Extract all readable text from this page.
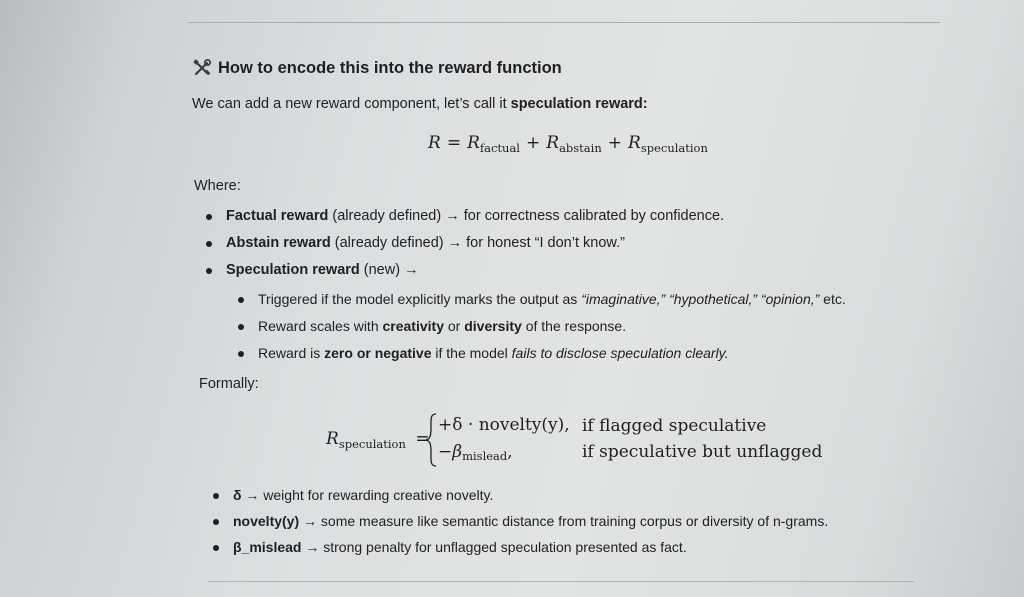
How to encode this into the reward function
We can add a new reward component, let’s call it speculation reward:
$R = R_{factual} + R_{abstain} + R_{speculation}$
Where:
Factual reward (already defined) → for correctness calibrated by confidence.
Abstain reward (already defined) → for honest “I don’t know.”
Speculation reward (new) →
Triggered if the model explicitly marks the output as “imaginative,” “hypothetical,” “opinion,” etc.
Reward scales with creativity or diversity of the response.
Reward is zero or negative if the model fails to disclose speculation clearly.
Formally:
$R_{speculation}$ =
+δ · novelty(y),
$-\beta_{mislead}$,
if flagged speculative
if speculative but unflagged
δ → weight for rewarding creative novelty.
novelty(y) → some measure like semantic distance from training corpus or diversity of n-grams.
β_mislead → strong penalty for unflagged speculation presented as fact.
